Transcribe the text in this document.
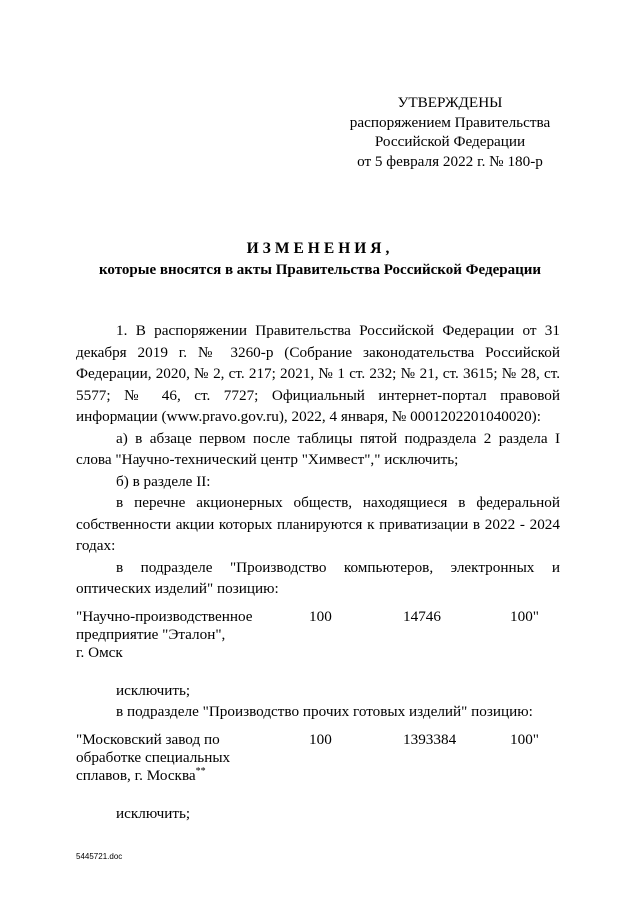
УТВЕРЖДЕНЫ
распоряжением Правительства
Российской Федерации
от 5 февраля 2022 г. № 180-р
ИЗМЕНЕНИЯ,
которые вносятся в акты Правительства Российской Федерации
1. В распоряжении Правительства Российской Федерации от 31 декабря 2019 г. № 3260-р (Собрание законодательства Российской Федерации, 2020, № 2, ст. 217; 2021, № 1 ст. 232; № 21, ст. 3615; № 28, ст. 5577; № 46, ст. 7727; Официальный интернет-портал правовой информации (www.pravo.gov.ru), 2022, 4 января, № 0001202201040020):
а) в абзаце первом после таблицы пятой подраздела 2 раздела I слова "Научно-технический центр "Химвест"," исключить;
б) в разделе II:
в перечне акционерных обществ, находящиеся в федеральной собственности акции которых планируются к приватизации в 2022 - 2024 годах:
в подразделе "Производство компьютеров, электронных и оптических изделий" позицию:
"Научно-производственное
предприятие "Эталон",
г. Омск
100	14746	100"
исключить;
в подразделе "Производство прочих готовых изделий" позицию:
"Московский завод по
обработке специальных
сплавов, г. Москва**
100	1393384	100"
исключить;
5445721.doc
